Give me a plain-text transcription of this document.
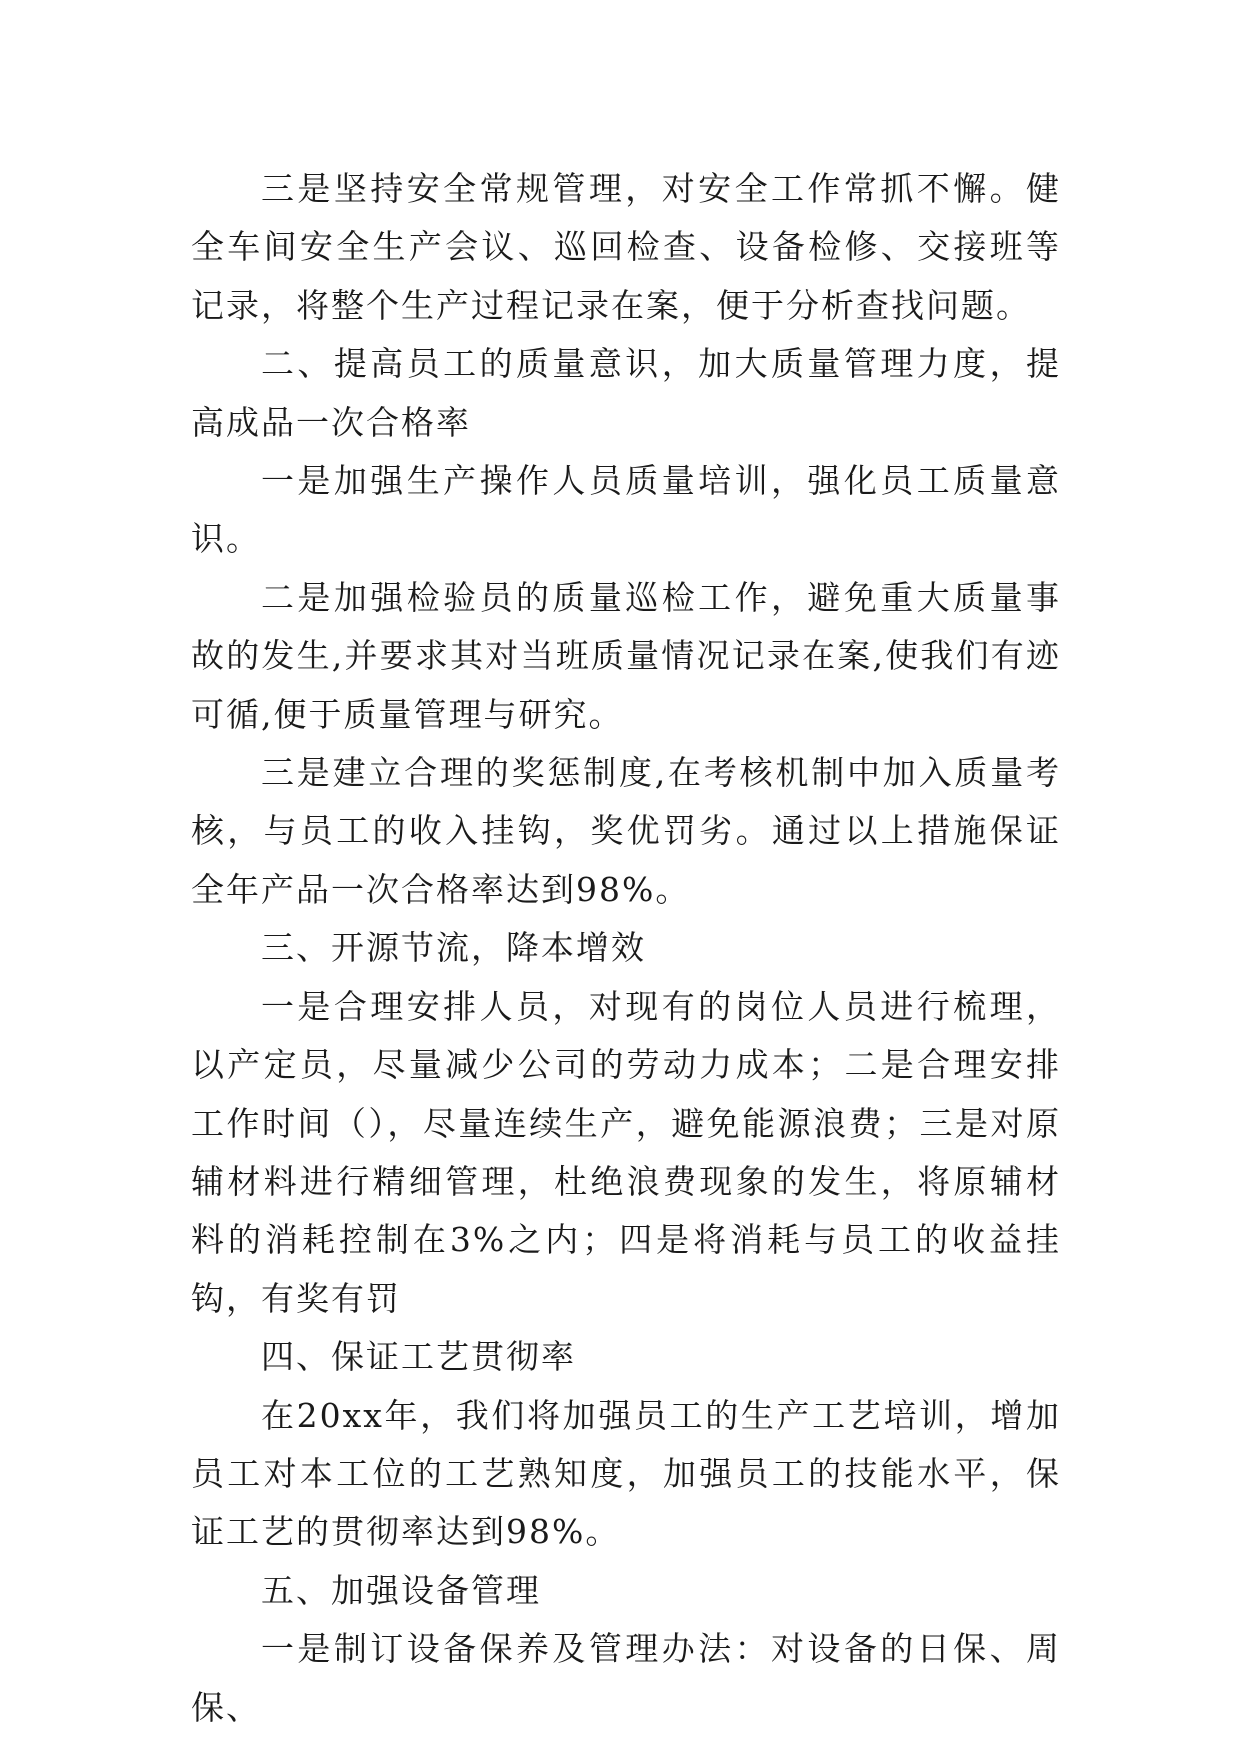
三是坚持安全常规管理，对安全工作常抓不懈。健全车间安全生产会议、巡回检查、设备检修、交接班等记录，将整个生产过程记录在案，便于分析查找问题。

二、提高员工的质量意识，加大质量管理力度，提高成品一次合格率

一是加强生产操作人员质量培训，强化员工质量意识。

二是加强检验员的质量巡检工作，避免重大质量事故的发生,并要求其对当班质量情况记录在案,使我们有迹可循,便于质量管理与研究。

三是建立合理的奖惩制度,在考核机制中加入质量考核，与员工的收入挂钩，奖优罚劣。通过以上措施保证全年产品一次合格率达到98%。

三、开源节流，降本增效

一是合理安排人员，对现有的岗位人员进行梳理，以产定员，尽量减少公司的劳动力成本；二是合理安排工作时间（），尽量连续生产，避免能源浪费；三是对原辅材料进行精细管理，杜绝浪费现象的发生，将原辅材料的消耗控制在3%之内；四是将消耗与员工的收益挂钩，有奖有罚

四、保证工艺贯彻率

在20xx年，我们将加强员工的生产工艺培训，增加员工对本工位的工艺熟知度，加强员工的技能水平，保证工艺的贯彻率达到98%。

五、加强设备管理

一是制订设备保养及管理办法：对设备的日保、周保、
